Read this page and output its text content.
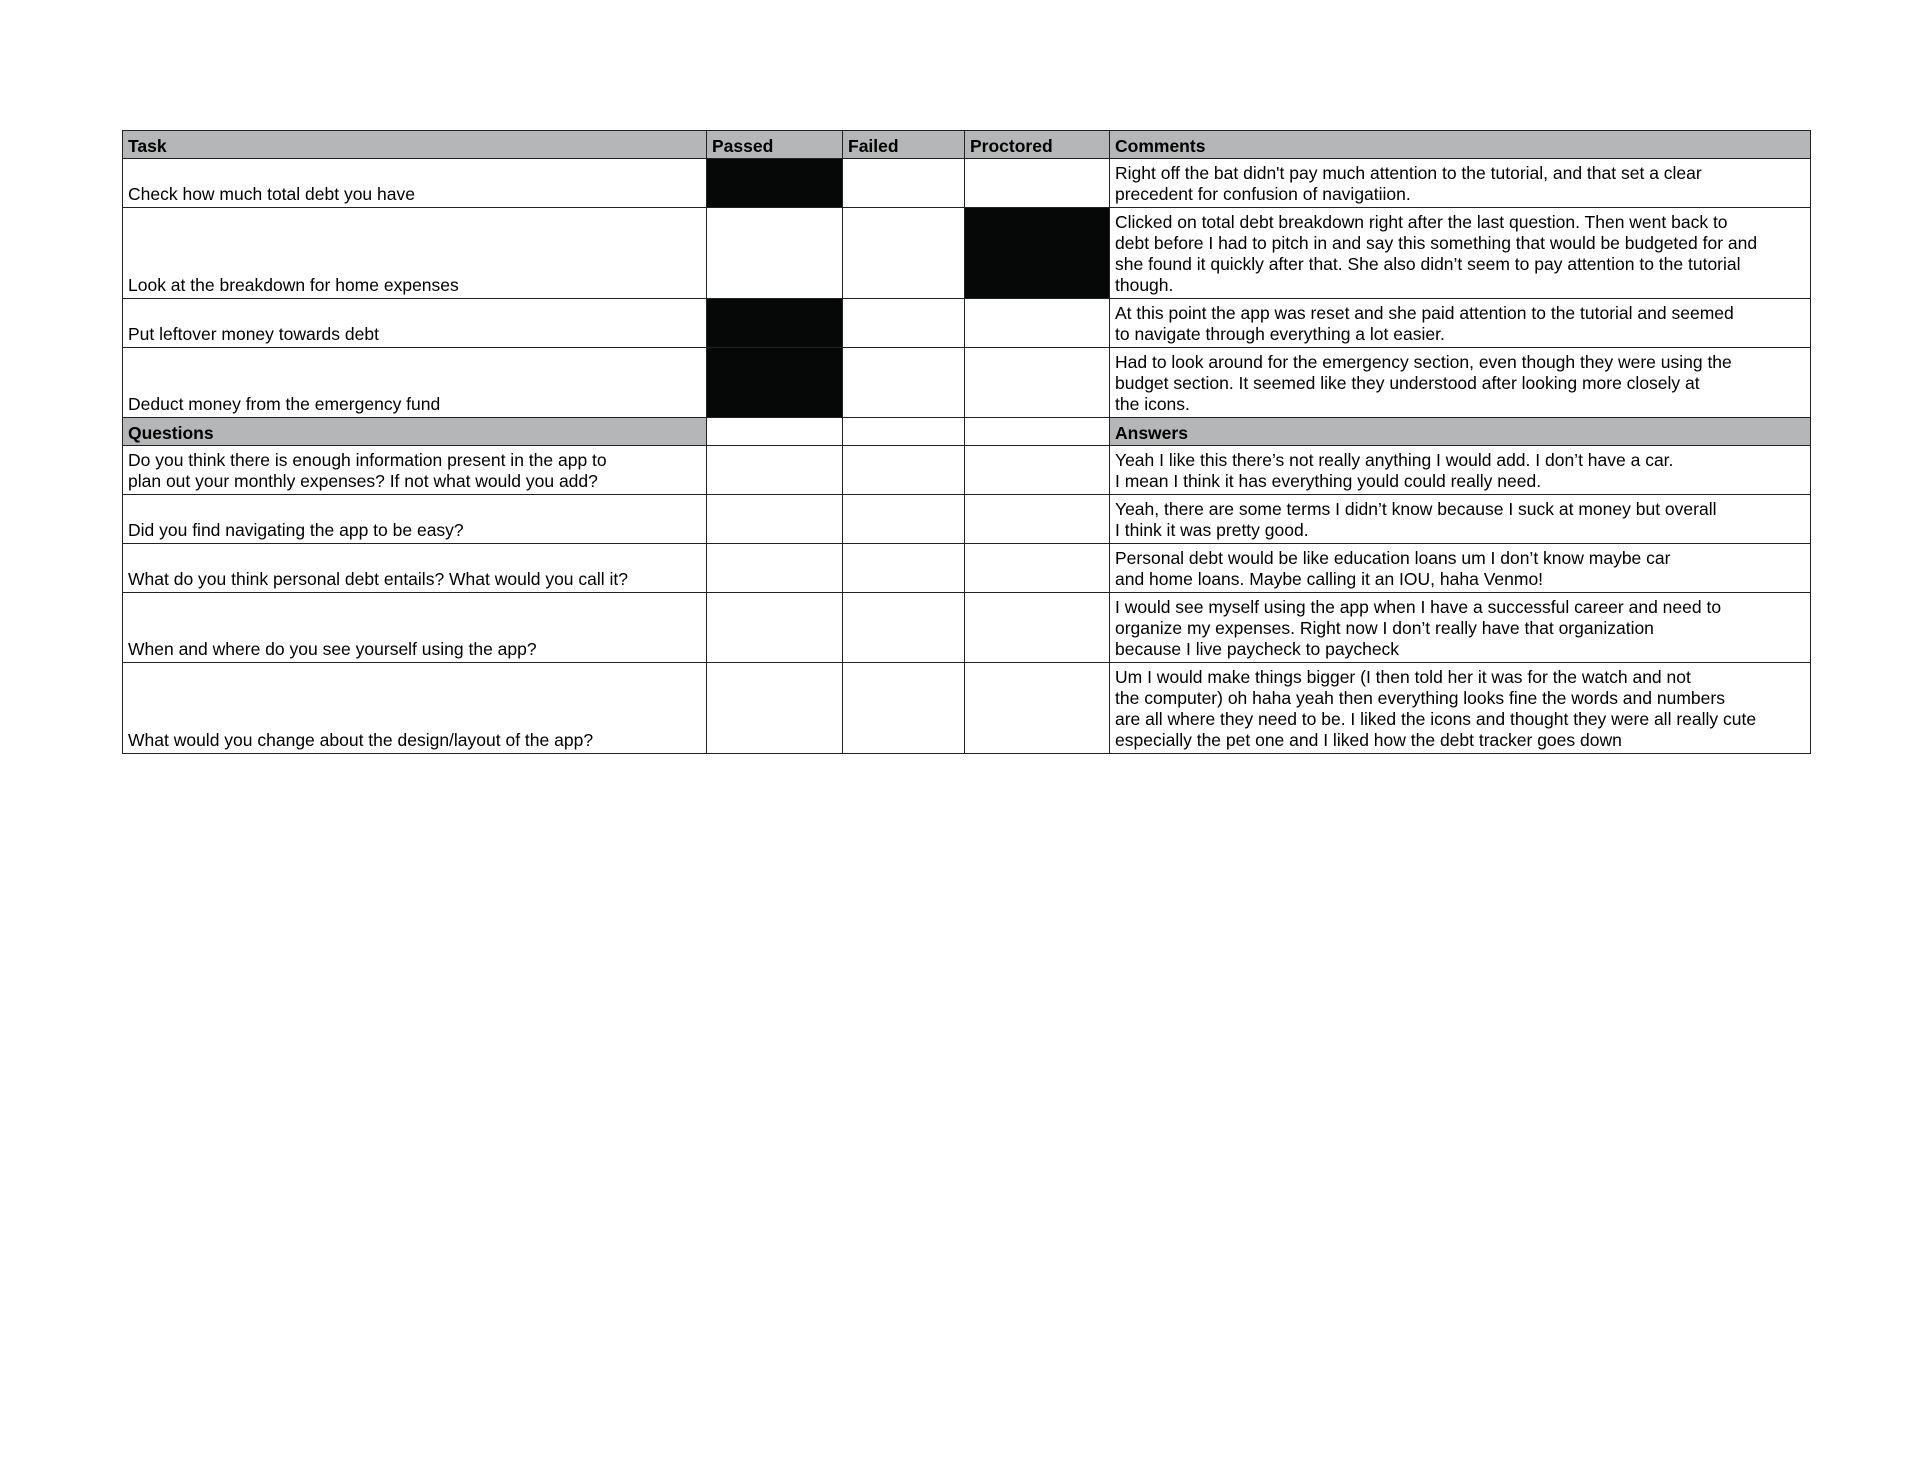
Task	Passed	Failed	Proctored	Comments
Check how much total debt you have				Right off the bat didn't pay much attention to the tutorial, and that set a clear
precedent for confusion of navigatiion.
Look at the breakdown for home expenses				Clicked on total debt breakdown right after the last question. Then went back to
debt before I had to pitch in and say this something that would be budgeted for and
she found it quickly after that. She also didn’t seem to pay attention to the tutorial
though.
Put leftover money towards debt				At this point the app was reset and she paid attention to the tutorial and seemed
to navigate through everything a lot easier.
Deduct money from the emergency fund				Had to look around for the emergency section, even though they were using the
budget section. It seemed like they understood after looking more closely at
the icons.
Questions				Answers
Do you think there is enough information present in the app to
plan out your monthly expenses? If not what would you add?				Yeah I like this there’s not really anything I would add. I don’t have a car.
I mean I think it has everything yould could really need.
Did you find navigating the app to be easy?				Yeah, there are some terms I didn’t know because I suck at money but overall
I think it was pretty good.
What do you think personal debt entails? What would you call it?				Personal debt would be like education loans um I don’t know maybe car
and home loans. Maybe calling it an IOU, haha Venmo!
When and where do you see yourself using the app?				I would see myself using the app when I have a successful career and need to
organize my expenses. Right now I don’t really have that organization
because I live paycheck to paycheck
What would you change about the design/layout of the app?				Um I would make things bigger (I then told her it was for the watch and not
the computer) oh haha yeah then everything looks fine the words and numbers
are all where they need to be. I liked the icons and thought they were all really cute
especially the pet one and I liked how the debt tracker goes down
